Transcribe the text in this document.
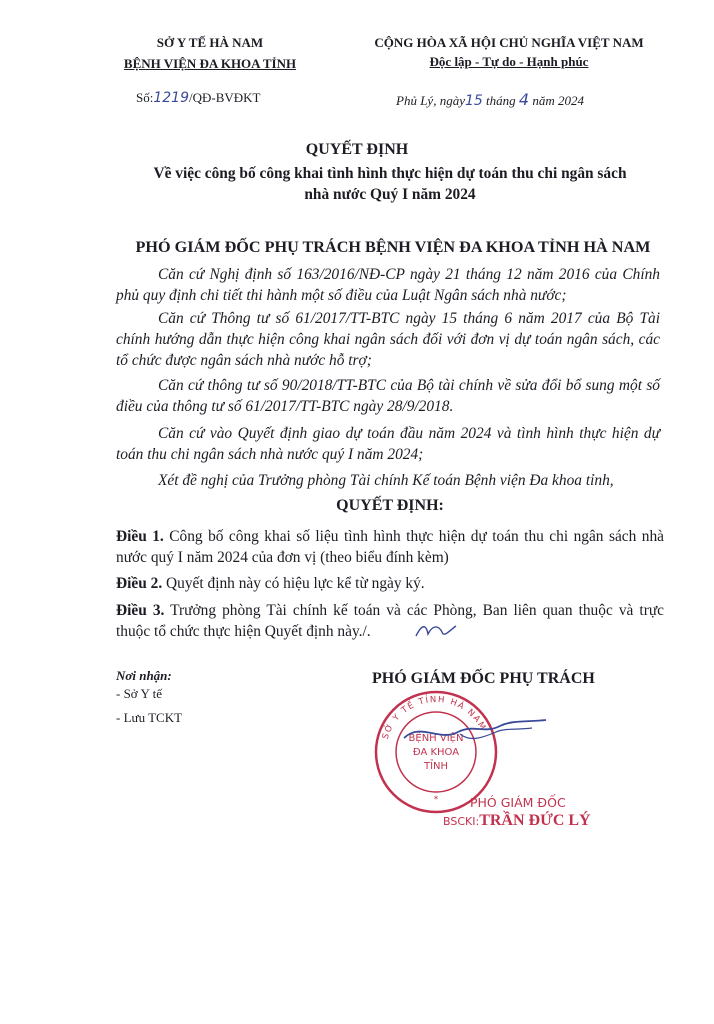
SỞ Y TẾ HÀ NAM
BỆNH VIỆN ĐA KHOA TỈNH
Số:1219/QĐ-BVĐKT
CỘNG HÒA XÃ HỘI CHỦ NGHĨA VIỆT NAM
Độc lập - Tự do - Hạnh phúc
Phủ Lý, ngày15 tháng 4 năm 2024
QUYẾT ĐỊNH
Về việc công bố công khai tình hình thực hiện dự toán thu chi ngân sách
nhà nước Quý I năm 2024
PHÓ GIÁM ĐỐC PHỤ TRÁCH BỆNH VIỆN ĐA KHOA TỈNH HÀ NAM
Căn cứ Nghị định số 163/2016/NĐ-CP ngày 21 tháng 12 năm 2016 của Chính phủ quy định chi tiết thi hành một số điều của Luật Ngân sách nhà nước;
Căn cứ Thông tư số 61/2017/TT-BTC ngày 15 tháng 6 năm 2017 của Bộ Tài chính hướng dẫn thực hiện công khai ngân sách đối với đơn vị dự toán ngân sách, các tổ chức được ngân sách nhà nước hỗ trợ;
Căn cứ thông tư số 90/2018/TT-BTC của Bộ tài chính về sửa đổi bổ sung một số điều của thông tư số 61/2017/TT-BTC ngày 28/9/2018.
Căn cứ vào Quyết định giao dự toán đầu năm 2024 và tình hình thực hiện dự toán thu chi ngân sách nhà nước quý I năm 2024;
Xét đề nghị của Trưởng phòng Tài chính Kế toán Bệnh viện Đa khoa tỉnh,
QUYẾT ĐỊNH:
Điều 1. Công bố công khai số liệu tình hình thực hiện dự toán thu chi ngân sách nhà nước quý I năm 2024 của đơn vị (theo biểu đính kèm)
Điều 2. Quyết định này có hiệu lực kể từ ngày ký.
Điều 3. Trưởng phòng Tài chính kế toán và các Phòng, Ban liên quan thuộc và trực thuộc tổ chức thực hiện Quyết định này./.
Nơi nhận:
- Sở Y tế
- Lưu TCKT
PHÓ GIÁM ĐỐC PHỤ TRÁCH
SỞ Y TẾ TỈNH HÀ NAM
BỆNH VIỆN
ĐA KHOA
TỈNH
*	PHÓ GIÁM ĐỐC
BSCKI:TRẦN ĐỨC LÝ
